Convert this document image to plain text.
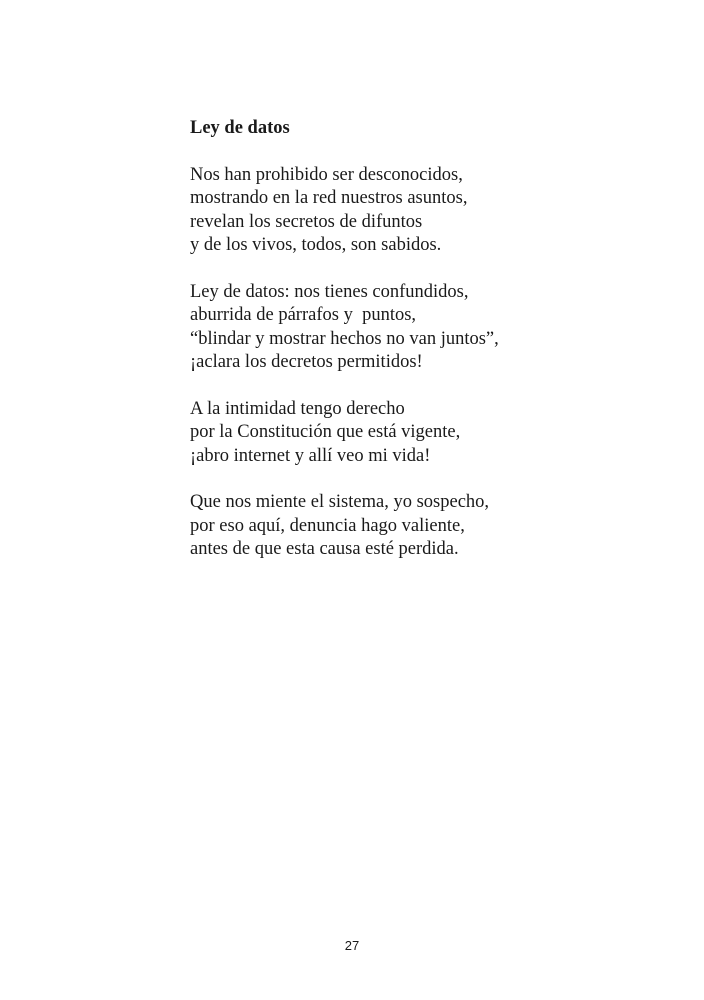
Ley de datos
Nos han prohibido ser desconocidos,
mostrando en la red nuestros asuntos,
revelan los secretos de difuntos
y de los vivos, todos, son sabidos.
Ley de datos: nos tienes confundidos,
aburrida de párrafos y  puntos,
“blindar y mostrar hechos no van juntos”,
¡aclara los decretos permitidos!
A la intimidad tengo derecho
por la Constitución que está vigente,
¡abro internet y allí veo mi vida!
Que nos miente el sistema, yo sospecho,
por eso aquí, denuncia hago valiente,
antes de que esta causa esté perdida.
27
